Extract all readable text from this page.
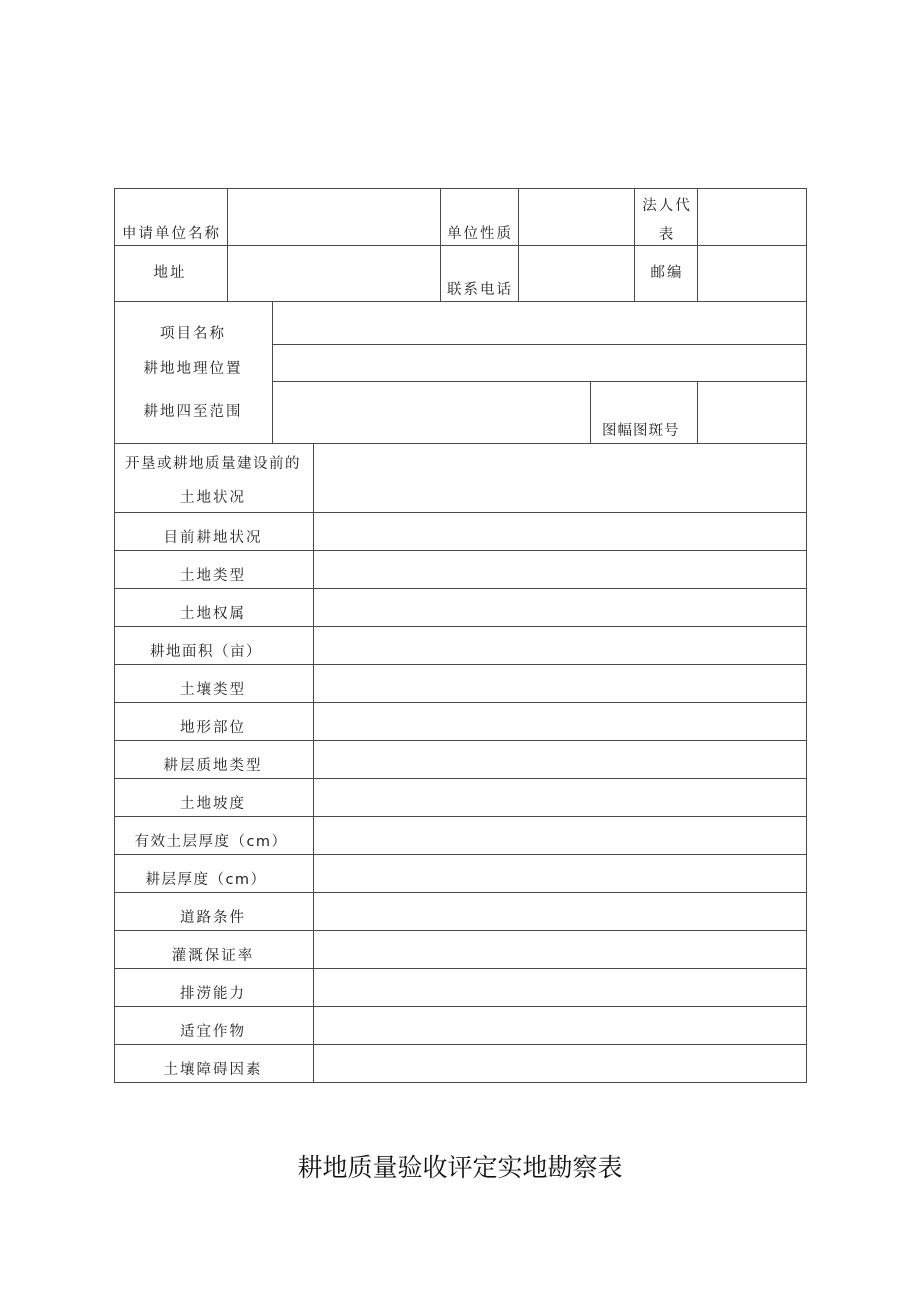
申请单位名称	单位性质
法人代
表
地址
联系电话
邮编
项目名称
耕地地理位置
耕地四至范围
图幅图斑号
开垦或耕地质量建设前的
土地状况
目前耕地状况
土地类型
土地权属
耕地面积（亩）
土壤类型
地形部位
耕层质地类型
土地坡度
有效土层厚度（cm）
耕层厚度（cm）
道路条件
灌溉保证率
排涝能力
适宜作物
土壤障碍因素
耕地质量验收评定实地勘察表
